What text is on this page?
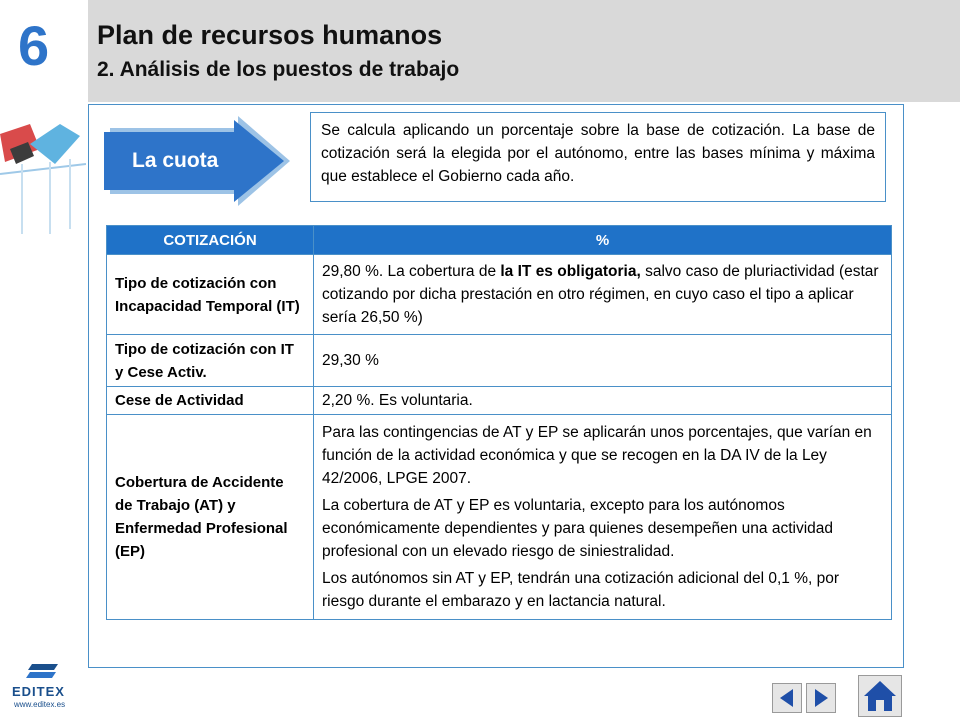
6 Plan de recursos humanos
2. Análisis de los puestos de trabajo
La cuota
Se calcula aplicando un porcentaje sobre la base de cotización. La base de cotización será la elegida por el autónomo, entre las bases mínima y máxima que establece el Gobierno cada año.
COTIZACIÓN	%
Tipo de cotización con Incapacidad Temporal (IT)	29,80 %. La cobertura de la IT es obligatoria, salvo caso de pluriactividad (estar cotizando por dicha prestación en otro régimen, en cuyo caso el tipo a aplicar sería 26,50 %)
Tipo de cotización con IT y Cese Activ.	29,30 %
Cese de Actividad	2,20 %. Es voluntaria.
Cobertura de Accidente de Trabajo (AT) y Enfermedad Profesional (EP)	Para las contingencias de AT y EP se aplicarán unos porcentajes, que varían en función de la actividad económica y que se recogen en la DA IV de la Ley 42/2006, LPGE 2007.

La cobertura de AT y EP es voluntaria, excepto para los autónomos económicamente dependientes y para quienes desempeñen una actividad profesional con un elevado riesgo de siniestralidad.

Los autónomos sin AT y EP, tendrán una cotización adicional del 0,1 %, por riesgo durante el embarazo y en lactancia natural.

EDITEX
www.editex.es
